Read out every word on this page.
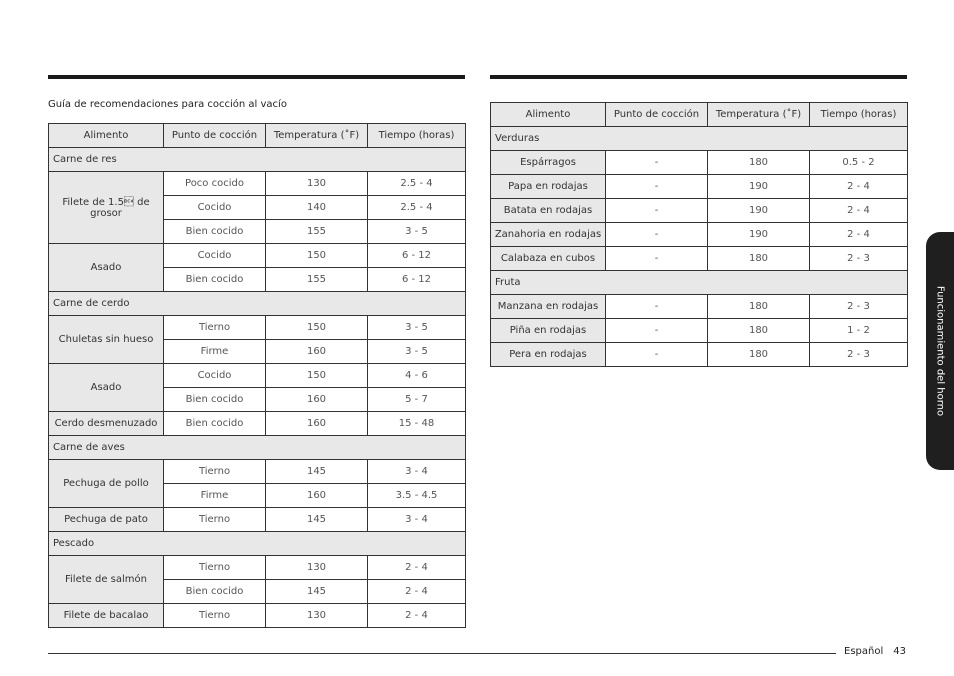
Guía de recomendaciones para cocción al vacío
Alimento	Punto de cocción	Temperatura (˚F)	Tiempo (horas)
Carne de res			
Filete de 1.5 de grosor	Poco cocido	130	2.5 - 4
	Cocido	140	2.5 - 4
	Bien cocido	155	3 - 5
Asado	Cocido	150	6 - 12
	Bien cocido	155	6 - 12
Carne de cerdo			
Chuletas sin hueso	Tierno	150	3 - 5
	Firme	160	3 - 5
Asado	Cocido	150	4 - 6
	Bien cocido	160	5 - 7
Cerdo desmenuzado	Bien cocido	160	15 - 48
Carne de aves			
Pechuga de pollo	Tierno	145	3 - 4
	Firme	160	3.5 - 4.5
Pechuga de pato	Tierno	145	3 - 4
Pescado			
Filete de salmón	Tierno	130	2 - 4
	Bien cocido	145	2 - 4
Filete de bacalao	Tierno	130	2 - 4
Alimento	Punto de cocción	Temperatura (˚F)	Tiempo (horas)
Verduras			
Espárragos	-	180	0.5 - 2
Papa en rodajas	-	190	2 - 4
Batata en rodajas	-	190	2 - 4
Zanahoria en rodajas	-	190	2 - 4
Calabaza en cubos	-	180	2 - 3
Fruta			
Manzana en rodajas	-	180	2 - 3
Piña en rodajas	-	180	1 - 2
Pera en rodajas	-	180	2 - 3	Funcionamiento del horno
Español 43
